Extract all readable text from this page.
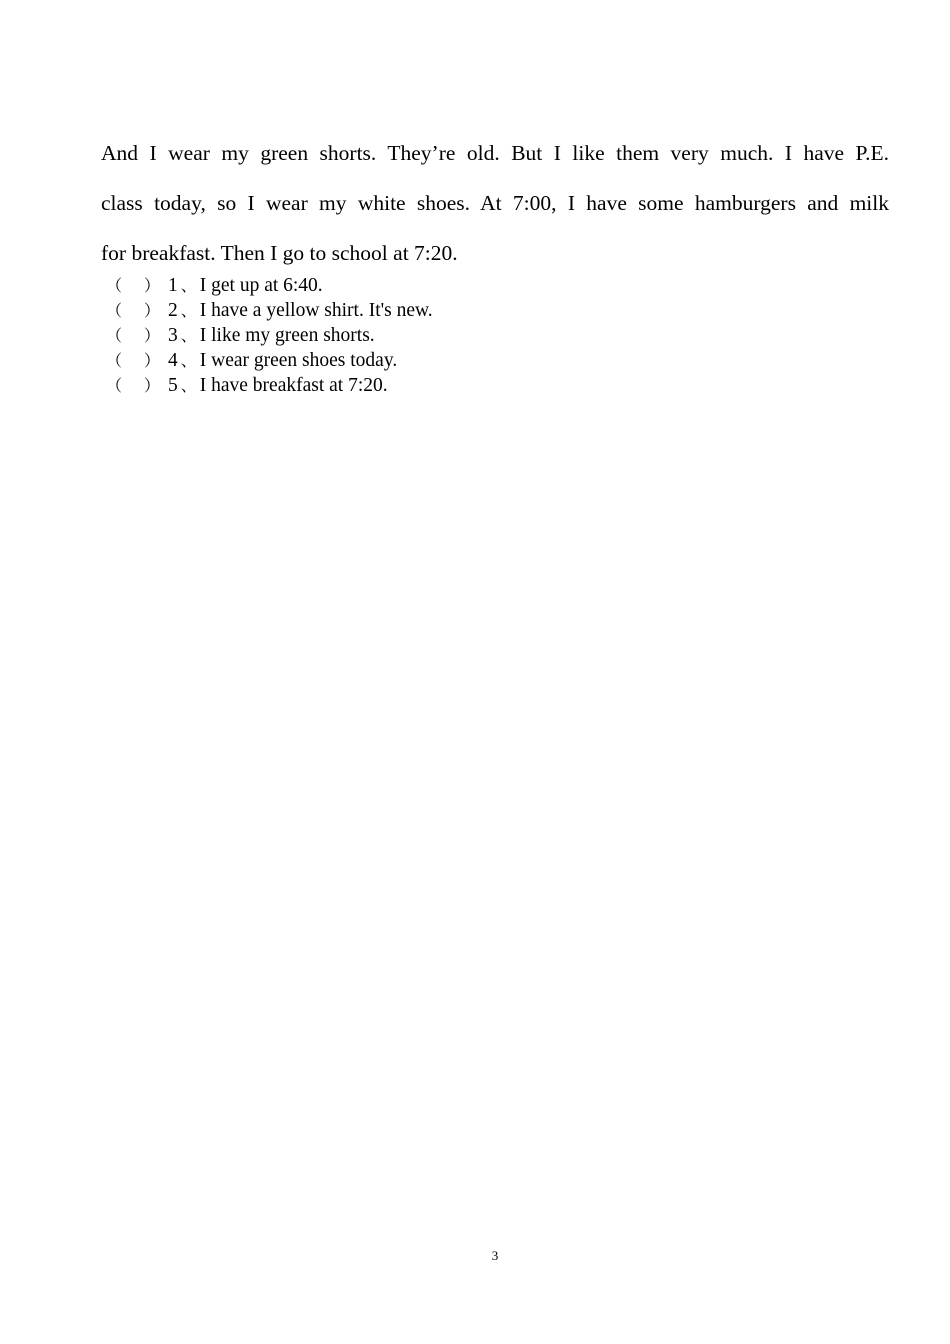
And I wear my green shorts. They’re old. But I like them very much. I have P.E.
class today, so I wear my white shoes. At 7:00, I have some hamburgers and milk
for breakfast. Then I go to school at 7:20.
（ ） 1 、 I get up at 6:40.
（ ） 2 、 I have a yellow shirt. It's new.
（ ） 3 、 I like my green shorts.
（ ） 4 、 I wear green shoes today.
（ ） 5 、 I have breakfast at 7:20.
3
